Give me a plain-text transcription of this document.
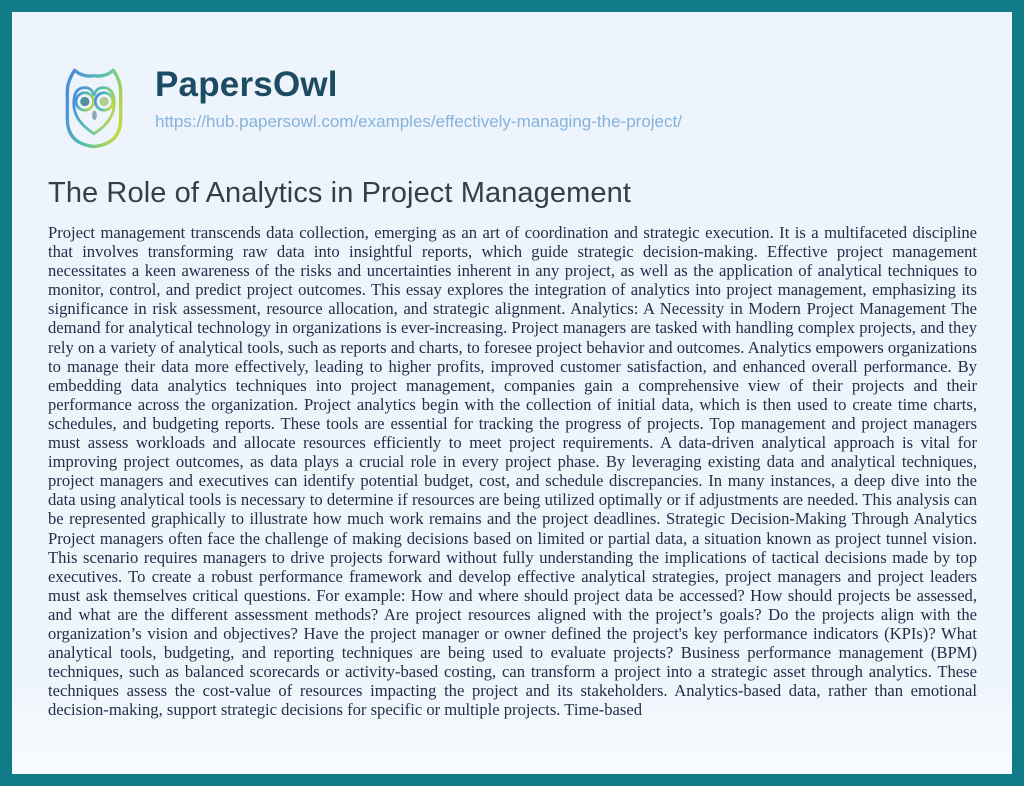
PapersOwl
https://hub.papersowl.com/examples/effectively-managing-the-project/
The Role of Analytics in Project Management

Project management transcends data collection, emerging as an art of coordination and strategic execution. It is a multifaceted discipline that involves transforming raw data into insightful reports, which guide strategic decision-making. Effective project management necessitates a keen awareness of the risks and uncertainties inherent in any project, as well as the application of analytical techniques to monitor, control, and predict project outcomes. This essay explores the integration of analytics into project management, emphasizing its significance in risk assessment, resource allocation, and strategic alignment. Analytics: A Necessity in Modern Project Management The demand for analytical technology in organizations is ever-increasing. Project managers are tasked with handling complex projects, and they rely on a variety of analytical tools, such as reports and charts, to foresee project behavior and outcomes. Analytics empowers organizations to manage their data more effectively, leading to higher profits, improved customer satisfaction, and enhanced overall performance. By embedding data analytics techniques into project management, companies gain a comprehensive view of their projects and their performance across the organization. Project analytics begin with the collection of initial data, which is then used to create time charts, schedules, and budgeting reports. These tools are essential for tracking the progress of projects. Top management and project managers must assess workloads and allocate resources efficiently to meet project requirements. A data-driven analytical approach is vital for improving project outcomes, as data plays a crucial role in every project phase. By leveraging existing data and analytical techniques, project managers and executives can identify potential budget, cost, and schedule discrepancies. In many instances, a deep dive into the data using analytical tools is necessary to determine if resources are being utilized optimally or if adjustments are needed. This analysis can be represented graphically to illustrate how much work remains and the project deadlines. Strategic Decision-Making Through Analytics Project managers often face the challenge of making decisions based on limited or partial data, a situation known as project tunnel vision. This scenario requires managers to drive projects forward without fully understanding the implications of tactical decisions made by top executives. To create a robust performance framework and develop effective analytical strategies, project managers and project leaders must ask themselves critical questions. For example: How and where should project data be accessed? How should projects be assessed, and what are the different assessment methods? Are project resources aligned with the project’s goals? Do the projects align with the organization’s vision and objectives? Have the project manager or owner defined the project's key performance indicators (KPIs)? What analytical tools, budgeting, and reporting techniques are being used to evaluate projects? Business performance management (BPM) techniques, such as balanced scorecards or activity-based costing, can transform a project into a strategic asset through analytics. These techniques assess the cost-value of resources impacting the project and its stakeholders. Analytics-based data, rather than emotional decision-making, support strategic decisions for specific or multiple projects. Time-based
